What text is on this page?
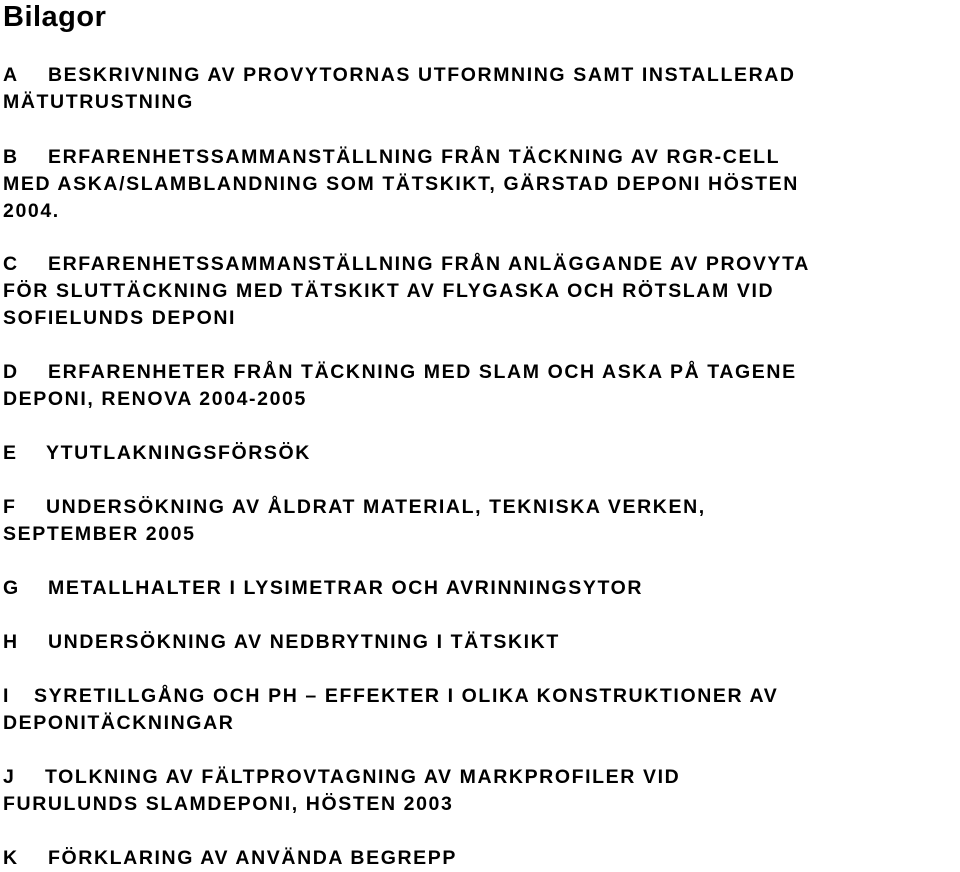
Bilagor
A BESKRIVNING AV PROVYTORNAS UTFORMNING SAMT INSTALLERAD
MÄTUTRUSTNING
B ERFARENHETSSAMMANSTÄLLNING FRÅN TÄCKNING AV RGR-CELL
MED ASKA/SLAMBLANDNING SOM TÄTSKIKT, GÄRSTAD DEPONI HÖSTEN
2004.
C ERFARENHETSSAMMANSTÄLLNING FRÅN ANLÄGGANDE AV PROVYTA
FÖR SLUTTÄCKNING MED TÄTSKIKT AV FLYGASKA OCH RÖTSLAM VID
SOFIELUNDS DEPONI
D ERFARENHETER FRÅN TÄCKNING MED SLAM OCH ASKA PÅ TAGENE
DEPONI, RENOVA 2004-2005
E YTUTLAKNINGSFÖRSÖK
F UNDERSÖKNING AV ÅLDRAT MATERIAL, TEKNISKA VERKEN,
SEPTEMBER 2005
G METALLHALTER I LYSIMETRAR OCH AVRINNINGSYTOR
H UNDERSÖKNING AV NEDBRYTNING I TÄTSKIKT
I SYRETILLGÅNG OCH PH – EFFEKTER I OLIKA KONSTRUKTIONER AV
DEPONITÄCKNINGAR
J TOLKNING AV FÄLTPROVTAGNING AV MARKPROFILER VID
FURULUNDS SLAMDEPONI, HÖSTEN 2003
K FÖRKLARING AV ANVÄNDA BEGREPP
